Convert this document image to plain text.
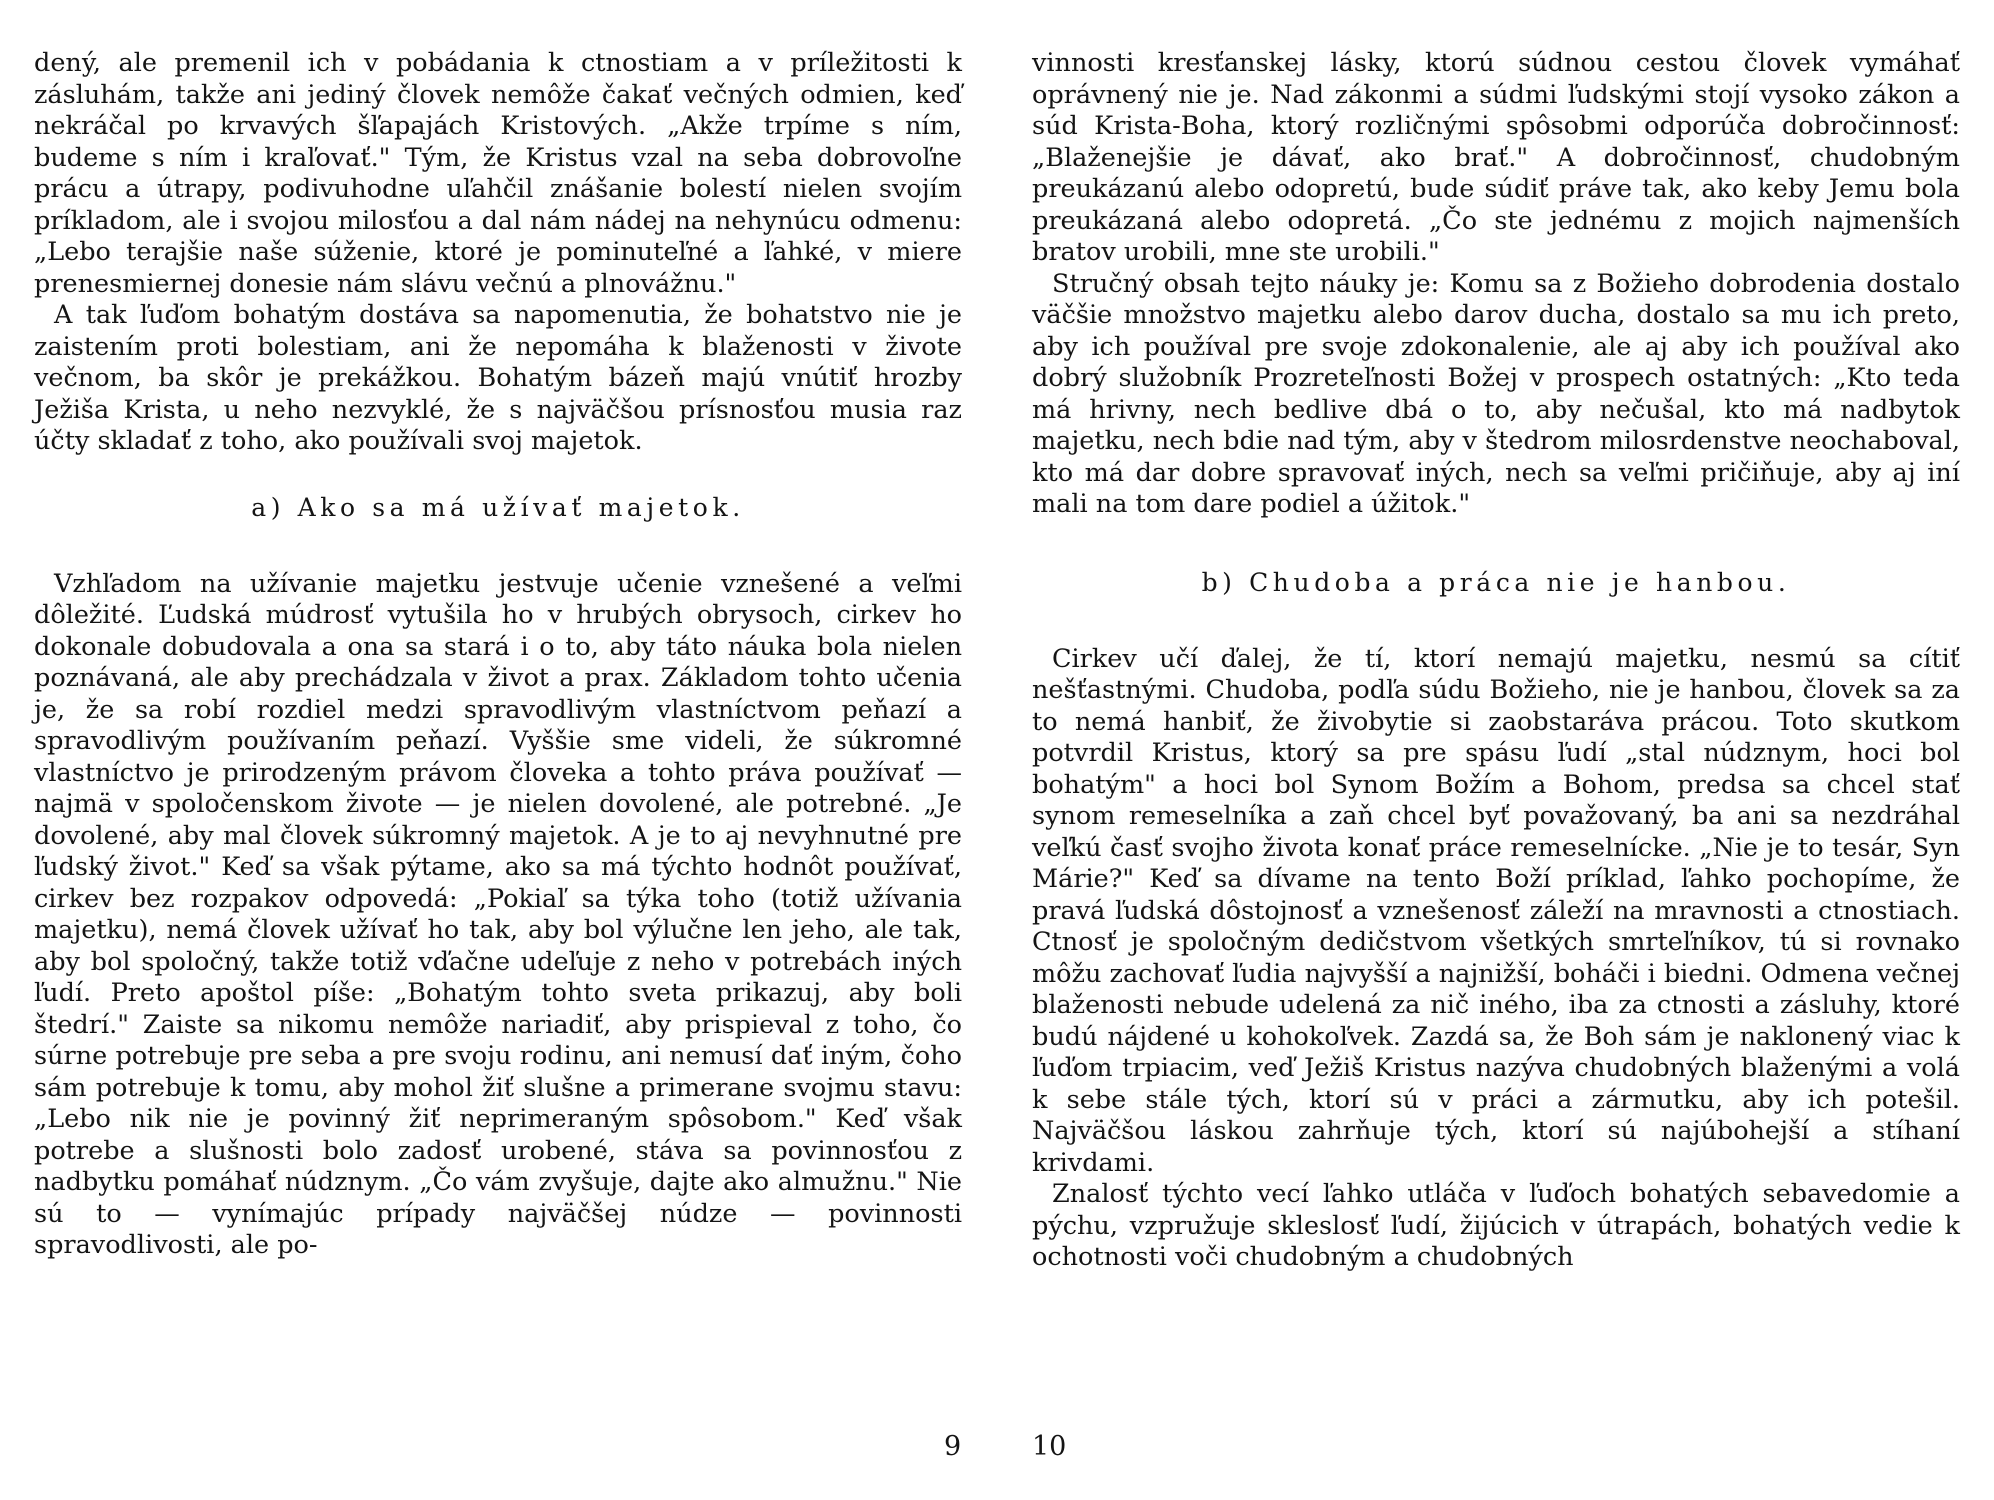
dený, ale premenil ich v pobádania k ctnostiam a v príležitosti k zásluhám, takže ani jediný človek nemôže čakať večných odmien, keď nekráčal po krvavých šľapajách Kristových. „Akže trpíme s ním, budeme s ním i kraľovať." Tým, že Kristus vzal na seba dobrovoľne prácu a útrapy, podivuhodne uľahčil znášanie bolestí nielen svojím príkladom, ale i svojou milosťou a dal nám nádej na nehynúcu odmenu: „Lebo terajšie naše súženie, ktoré je pominuteľné a ľahké, v miere prenesmiernej donesie nám slávu večnú a plnovážnu."

A tak ľuďom bohatým dostáva sa napomenutia, že bohatstvo nie je zaistením proti bolestiam, ani že nepomáha k blaženosti v živote večnom, ba skôr je prekážkou. Bohatým bázeň majú vnútiť hrozby Ježiša Krista, u neho nezvyklé, že s najväčšou prísnosťou musia raz účty skladať z toho, ako používali svoj majetok.

a) Ako sa má užívať majetok.

Vzhľadom na užívanie majetku jestvuje učenie vznešené a veľmi dôležité. Ľudská múdrosť vytušila ho v hrubých obrysoch, cirkev ho dokonale dobudovala a ona sa stará i o to, aby táto náuka bola nielen poznávaná, ale aby prechádzala v život a prax. Základom tohto učenia je, že sa robí rozdiel medzi spravodlivým vlastníctvom peňazí a spravodlivým používaním peňazí. Vyššie sme videli, že súkromné vlastníctvo je prirodzeným právom človeka a tohto práva používať — najmä v spoločenskom živote — je nielen dovolené, ale potrebné. „Je dovolené, aby mal človek súkromný majetok. A je to aj nevyhnutné pre ľudský život." Keď sa však pýtame, ako sa má týchto hodnôt používať, cirkev bez rozpakov odpovedá: „Pokiaľ sa týka toho (totiž užívania majetku), nemá človek užívať ho tak, aby bol výlučne len jeho, ale tak, aby bol spoločný, takže totiž vďačne udeľuje z neho v potrebách iných ľudí. Preto apoštol píše: „Bohatým tohto sveta prikazuj, aby boli štedrí." Zaiste sa nikomu nemôže nariadiť, aby prispieval z toho, čo súrne potrebuje pre seba a pre svoju rodinu, ani nemusí dať iným, čoho sám potrebuje k tomu, aby mohol žiť slušne a primerane svojmu stavu: „Lebo nik nie je povinný žiť neprimeraným spôsobom." Keď však potrebe a slušnosti bolo zadosť urobené, stáva sa povinnosťou z nadbytku pomáhať núdznym. „Čo vám zvyšuje, dajte ako almužnu." Nie sú to — vynímajúc prípady najväčšej núdze — povinnosti spravodlivosti, ale po-

vinnosti kresťanskej lásky, ktorú súdnou cestou človek vymáhať oprávnený nie je. Nad zákonmi a súdmi ľudskými stojí vysoko zákon a súd Krista-Boha, ktorý rozličnými spôsobmi odporúča dobročinnosť: „Blaženejšie je dávať, ako brať." A dobročinnosť, chudobným preukázanú alebo odopretú, bude súdiť práve tak, ako keby Jemu bola preukázaná alebo odopretá. „Čo ste jednému z mojich najmenších bratov urobili, mne ste urobili."

Stručný obsah tejto náuky je: Komu sa z Božieho dobrodenia dostalo väčšie množstvo majetku alebo darov ducha, dostalo sa mu ich preto, aby ich používal pre svoje zdokonalenie, ale aj aby ich používal ako dobrý služobník Prozreteľnosti Božej v prospech ostatných: „Kto teda má hrivny, nech bedlive dbá o to, aby nečušal, kto má nadbytok majetku, nech bdie nad tým, aby v štedrom milosrdenstve neochaboval, kto má dar dobre spravovať iných, nech sa veľmi pričiňuje, aby aj iní mali na tom dare podiel a úžitok."

b) Chudoba a práca nie je hanbou.

Cirkev učí ďalej, že tí, ktorí nemajú majetku, nesmú sa cítiť nešťastnými. Chudoba, podľa súdu Božieho, nie je hanbou, človek sa za to nemá hanbiť, že živobytie si zaobstaráva prácou. Toto skutkom potvrdil Kristus, ktorý sa pre spásu ľudí „stal núdznym, hoci bol bohatým" a hoci bol Synom Božím a Bohom, predsa sa chcel stať synom remeselníka a zaň chcel byť považovaný, ba ani sa nezdráhal veľkú časť svojho života konať práce remeselnícke. „Nie je to tesár, Syn Márie?" Keď sa dívame na tento Boží príklad, ľahko pochopíme, že pravá ľudská dôstojnosť a vznešenosť záleží na mravnosti a ctnostiach. Ctnosť je spoločným dedičstvom všetkých smrteľníkov, tú si rovnako môžu zachovať ľudia najvyšší a najnižší, boháči i biedni. Odmena večnej blaženosti nebude udelená za nič iného, iba za ctnosti a zásluhy, ktoré budú nájdené u kohokoľvek. Zazdá sa, že Boh sám je naklonený viac k ľuďom trpiacim, veď Ježiš Kristus nazýva chudobných blaženými a volá k sebe stále tých, ktorí sú v práci a zármutku, aby ich potešil. Najväčšou láskou zahrňuje tých, ktorí sú najúbohejší a stíhaní krivdami.

Znalosť týchto vecí ľahko utláča v ľuďoch bohatých sebavedomie a pýchu, vzpružuje skleslosť ľudí, žijúcich v útrapách, bohatých vedie k ochotnosti voči chudobným a chudobných

9	10
